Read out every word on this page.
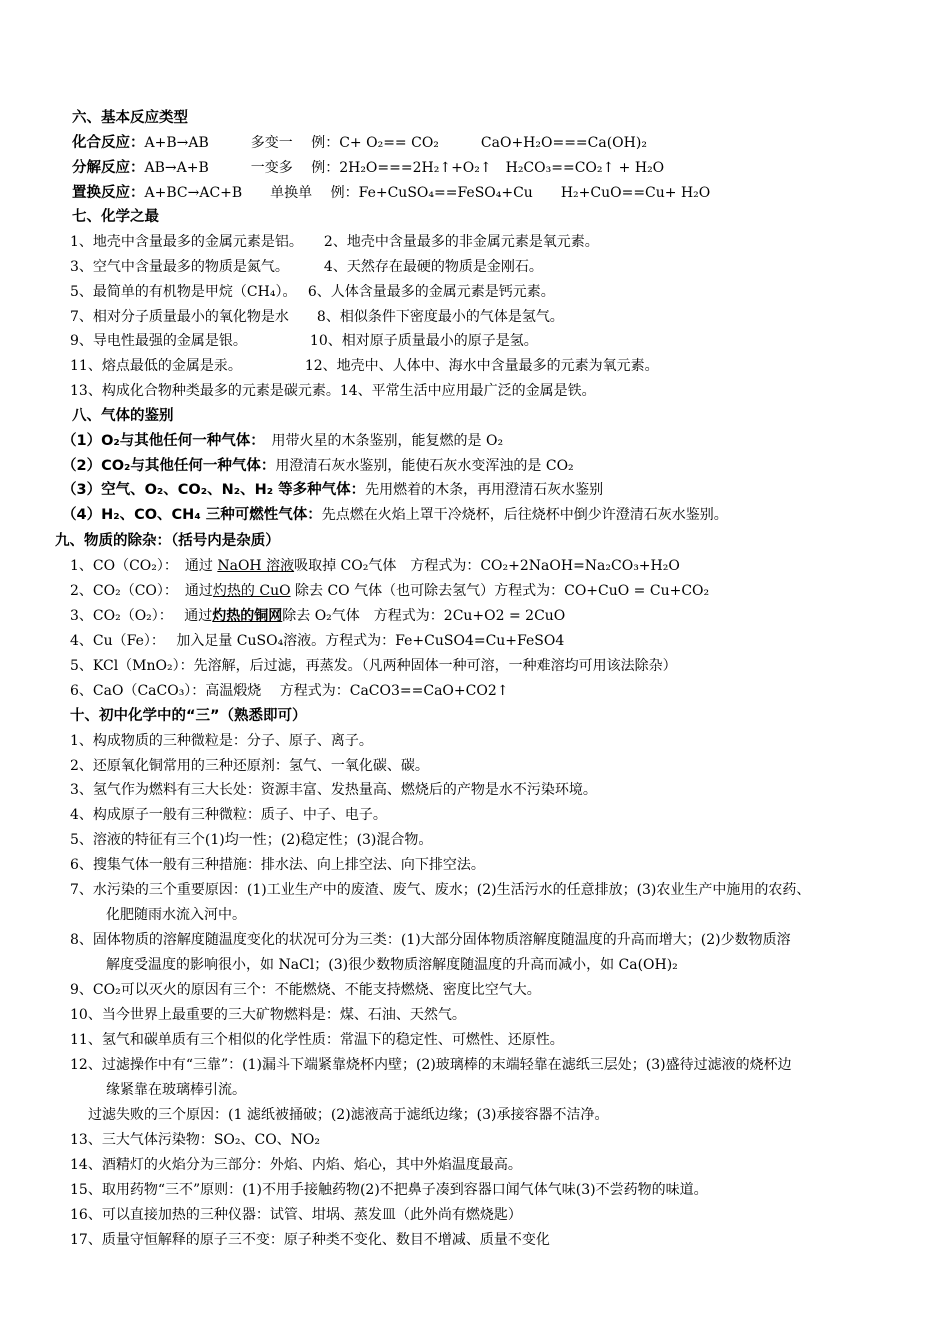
六、基本反应类型
化合反应：A+B→AB　　　多变一　 例：C+ O₂== CO₂　　　CaO+H₂O===Ca(OH)₂
分解反应：AB→A+B　　　一变多　 例：2H₂O===2H₂↑+O₂↑　H₂CO₃==CO₂↑ + H₂O
置换反应：A+BC→AC+B　　单换单　 例：Fe+CuSO₄==FeSO₄+Cu　　H₂+CuO==Cu+ H₂O
七、化学之最
1、地壳中含量最多的金属元素是铝。　　2、地壳中含量最多的非金属元素是氧元素。
3、空气中含量最多的物质是氮气。　　　4、天然存在最硬的物质是金刚石。
5、最简单的有机物是甲烷（CH₄）。　 6、人体含量最多的金属元素是钙元素。
7、相对分子质量最小的氧化物是水　　8、相似条件下密度最小的气体是氢气。
9、导电性最强的金属是银。　　　　　10、相对原子质量最小的原子是氢。
11、熔点最低的金属是汞。　　　　　12、地壳中、人体中、海水中含量最多的元素为氧元素。
13、构成化合物种类最多的元素是碳元素。14、平常生活中应用最广泛的金属是铁。
八、气体的鉴别
（1）O₂与其他任何一种气体：　用带火星的木条鉴别，能复燃的是 O₂
（2）CO₂与其他任何一种气体：用澄清石灰水鉴别，能使石灰水变浑浊的是 CO₂
（3）空气、O₂、CO₂、N₂、H₂ 等多种气体：先用燃着的木条，再用澄清石灰水鉴别
（4）H₂、CO、CH₄ 三种可燃性气体：先点燃在火焰上罩干冷烧杯，后往烧杯中倒少许澄清石灰水鉴别。
九、物质的除杂：（括号内是杂质）
1、CO（CO₂）：　通过 NaOH 溶液吸取掉 CO₂气体　方程式为：CO₂+2NaOH=Na₂CO₃+H₂O
2、CO₂（CO）：　通过灼热的 CuO 除去 CO 气体（也可除去氢气）方程式为：CO+CuO = Cu+CO₂
3、CO₂（O₂）：　 通过灼热的铜网除去 O₂气体　方程式为：2Cu+O2 = 2CuO
4、Cu（Fe）：　 加入足量 CuSO₄溶液。方程式为：Fe+CuSO4=Cu+FeSO4
5、KCl（MnO₂）：先溶解，后过滤，再蒸发。（凡两种固体一种可溶，一种难溶均可用该法除杂）
6、CaO（CaCO₃）：高温煅烧　 方程式为：CaCO3==CaO+CO2↑
十、初中化学中的“三”（熟悉即可）
1、构成物质的三种微粒是：分子、原子、离子。
2、还原氧化铜常用的三种还原剂：氢气、一氧化碳、碳。
3、氢气作为燃料有三大长处：资源丰富、发热量高、燃烧后的产物是水不污染环境。
4、构成原子一般有三种微粒：质子、中子、电子。
5、溶液的特征有三个(1)均一性；(2)稳定性；(3)混合物。
6、搜集气体一般有三种措施：排水法、向上排空法、向下排空法。
7、水污染的三个重要原因：(1)工业生产中的废渣、废气、废水；(2)生活污水的任意排放；(3)农业生产中施用的农药、
化肥随雨水流入河中。
8、固体物质的溶解度随温度变化的状况可分为三类：(1)大部分固体物质溶解度随温度的升高而增大；(2)少数物质溶
解度受温度的影响很小，如 NaCl；(3)很少数物质溶解度随温度的升高而减小，如 Ca(OH)₂
9、CO₂可以灭火的原因有三个：不能燃烧、不能支持燃烧、密度比空气大。
10、当今世界上最重要的三大矿物燃料是：煤、石油、天然气。
11、氢气和碳单质有三个相似的化学性质：常温下的稳定性、可燃性、还原性。
12、过滤操作中有“三靠”：(1)漏斗下端紧靠烧杯内壁；(2)玻璃棒的末端轻靠在滤纸三层处；(3)盛待过滤液的烧杯边
缘紧靠在玻璃棒引流。
过滤失败的三个原因：(1 滤纸被捅破；(2)滤液高于滤纸边缘；(3)承接容器不洁净。
13、三大气体污染物：SO₂、CO、NO₂
14、酒精灯的火焰分为三部分：外焰、内焰、焰心，其中外焰温度最高。
15、取用药物“三不”原则：(1)不用手接触药物(2)不把鼻子凑到容器口闻气体气味(3)不尝药物的味道。
16、可以直接加热的三种仪器：试管、坩埚、蒸发皿（此外尚有燃烧匙）
17、质量守恒解释的原子三不变：原子种类不变化、数目不增减、质量不变化
